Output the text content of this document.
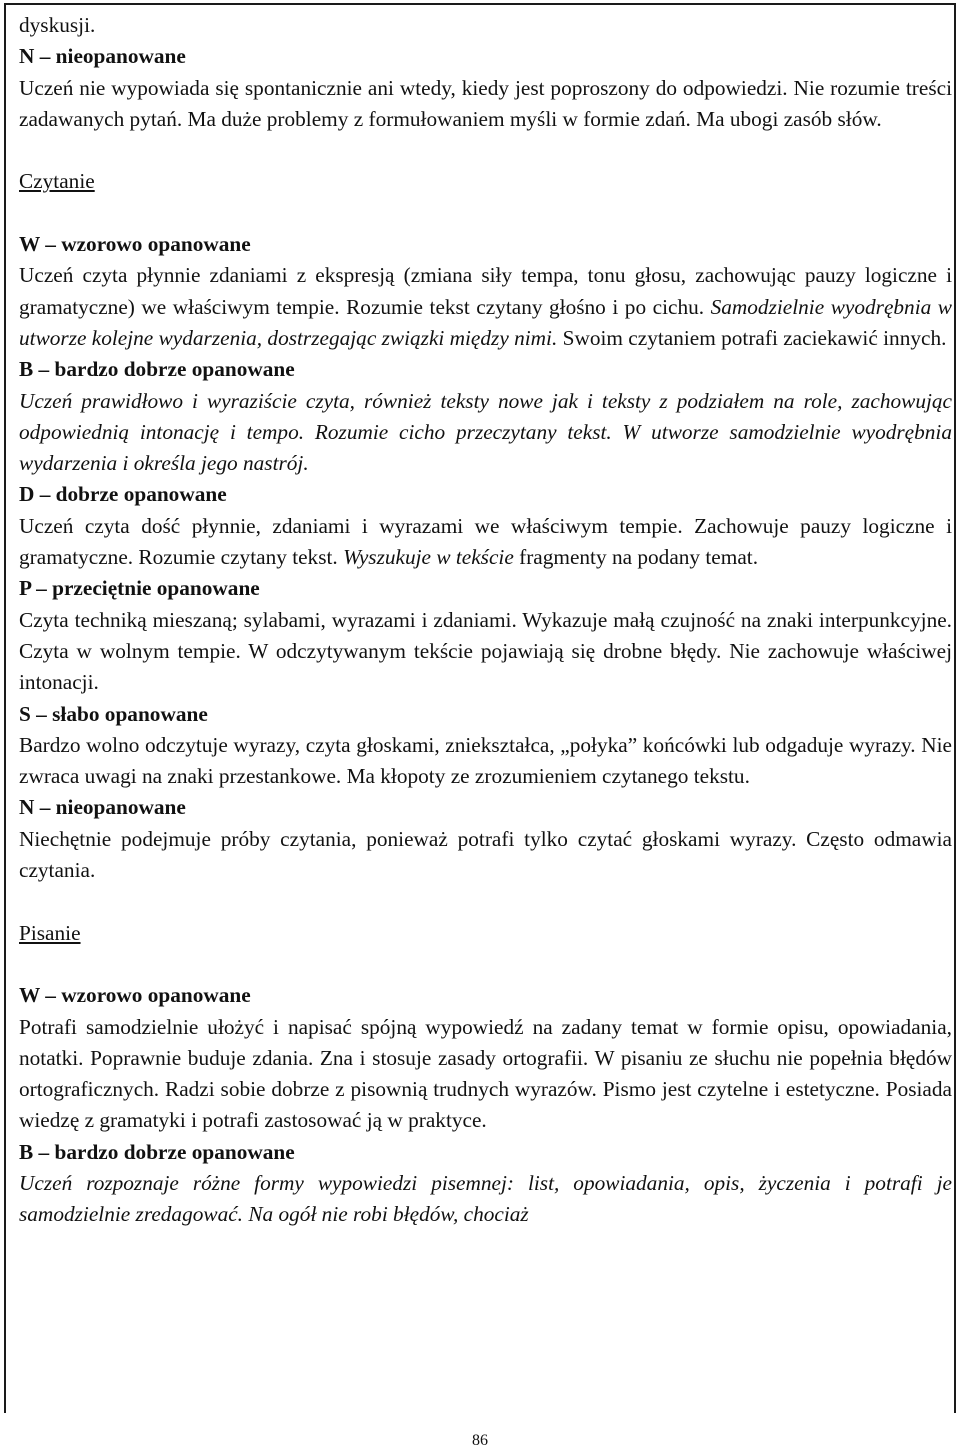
dyskusji.

N – nieopanowane

Uczeń nie wypowiada się spontanicznie ani wtedy, kiedy jest poproszony do odpowiedzi. Nie rozumie treści zadawanych pytań. Ma duże problemy z formułowaniem myśli w formie zdań. Ma ubogi zasób słów.

Czytanie

W – wzorowo opanowane

Uczeń czyta płynnie zdaniami z ekspresją (zmiana siły tempa, tonu głosu, zachowując pauzy logiczne i gramatyczne) we właściwym tempie. Rozumie tekst czytany głośno i po cichu. Samodzielnie wyodrębnia w utworze kolejne wydarzenia, dostrzegając związki między nimi. Swoim czytaniem potrafi zaciekawić innych.

B – bardzo dobrze opanowane

Uczeń prawidłowo i wyraziście czyta, również teksty nowe jak i teksty z podziałem na role, zachowując odpowiednią intonację i tempo. Rozumie cicho przeczytany tekst. W utworze samodzielnie wyodrębnia wydarzenia i określa jego nastrój.

D – dobrze opanowane

Uczeń czyta dość płynnie, zdaniami i wyrazami we właściwym tempie. Zachowuje pauzy logiczne i gramatyczne. Rozumie czytany tekst. Wyszukuje w tekście fragmenty na podany temat.

P – przeciętnie opanowane

Czyta techniką mieszaną; sylabami, wyrazami i zdaniami. Wykazuje małą czujność na znaki interpunkcyjne. Czyta w wolnym tempie. W odczytywanym tekście pojawiają się drobne błędy. Nie zachowuje właściwej intonacji.

S – słabo opanowane

Bardzo wolno odczytuje wyrazy, czyta głoskami, zniekształca, „połyka” końcówki lub odgaduje wyrazy. Nie zwraca uwagi na znaki przestankowe. Ma kłopoty ze zrozumieniem czytanego tekstu.

N – nieopanowane

Niechętnie podejmuje próby czytania, ponieważ potrafi tylko czytać głoskami wyrazy. Często odmawia czytania.

Pisanie

W – wzorowo opanowane

Potrafi samodzielnie ułożyć i napisać spójną wypowiedź na zadany temat w formie opisu, opowiadania, notatki. Poprawnie buduje zdania. Zna i stosuje zasady ortografii. W pisaniu ze słuchu nie popełnia błędów ortograficznych. Radzi sobie dobrze z pisownią trudnych wyrazów. Pismo jest czytelne i estetyczne. Posiada wiedzę z gramatyki i potrafi zastosować ją w praktyce.

B – bardzo dobrze opanowane

Uczeń rozpoznaje różne formy wypowiedzi pisemnej: list, opowiadania, opis, życzenia i potrafi je samodzielnie zredagować. Na ogół nie robi błędów, chociaż

86
